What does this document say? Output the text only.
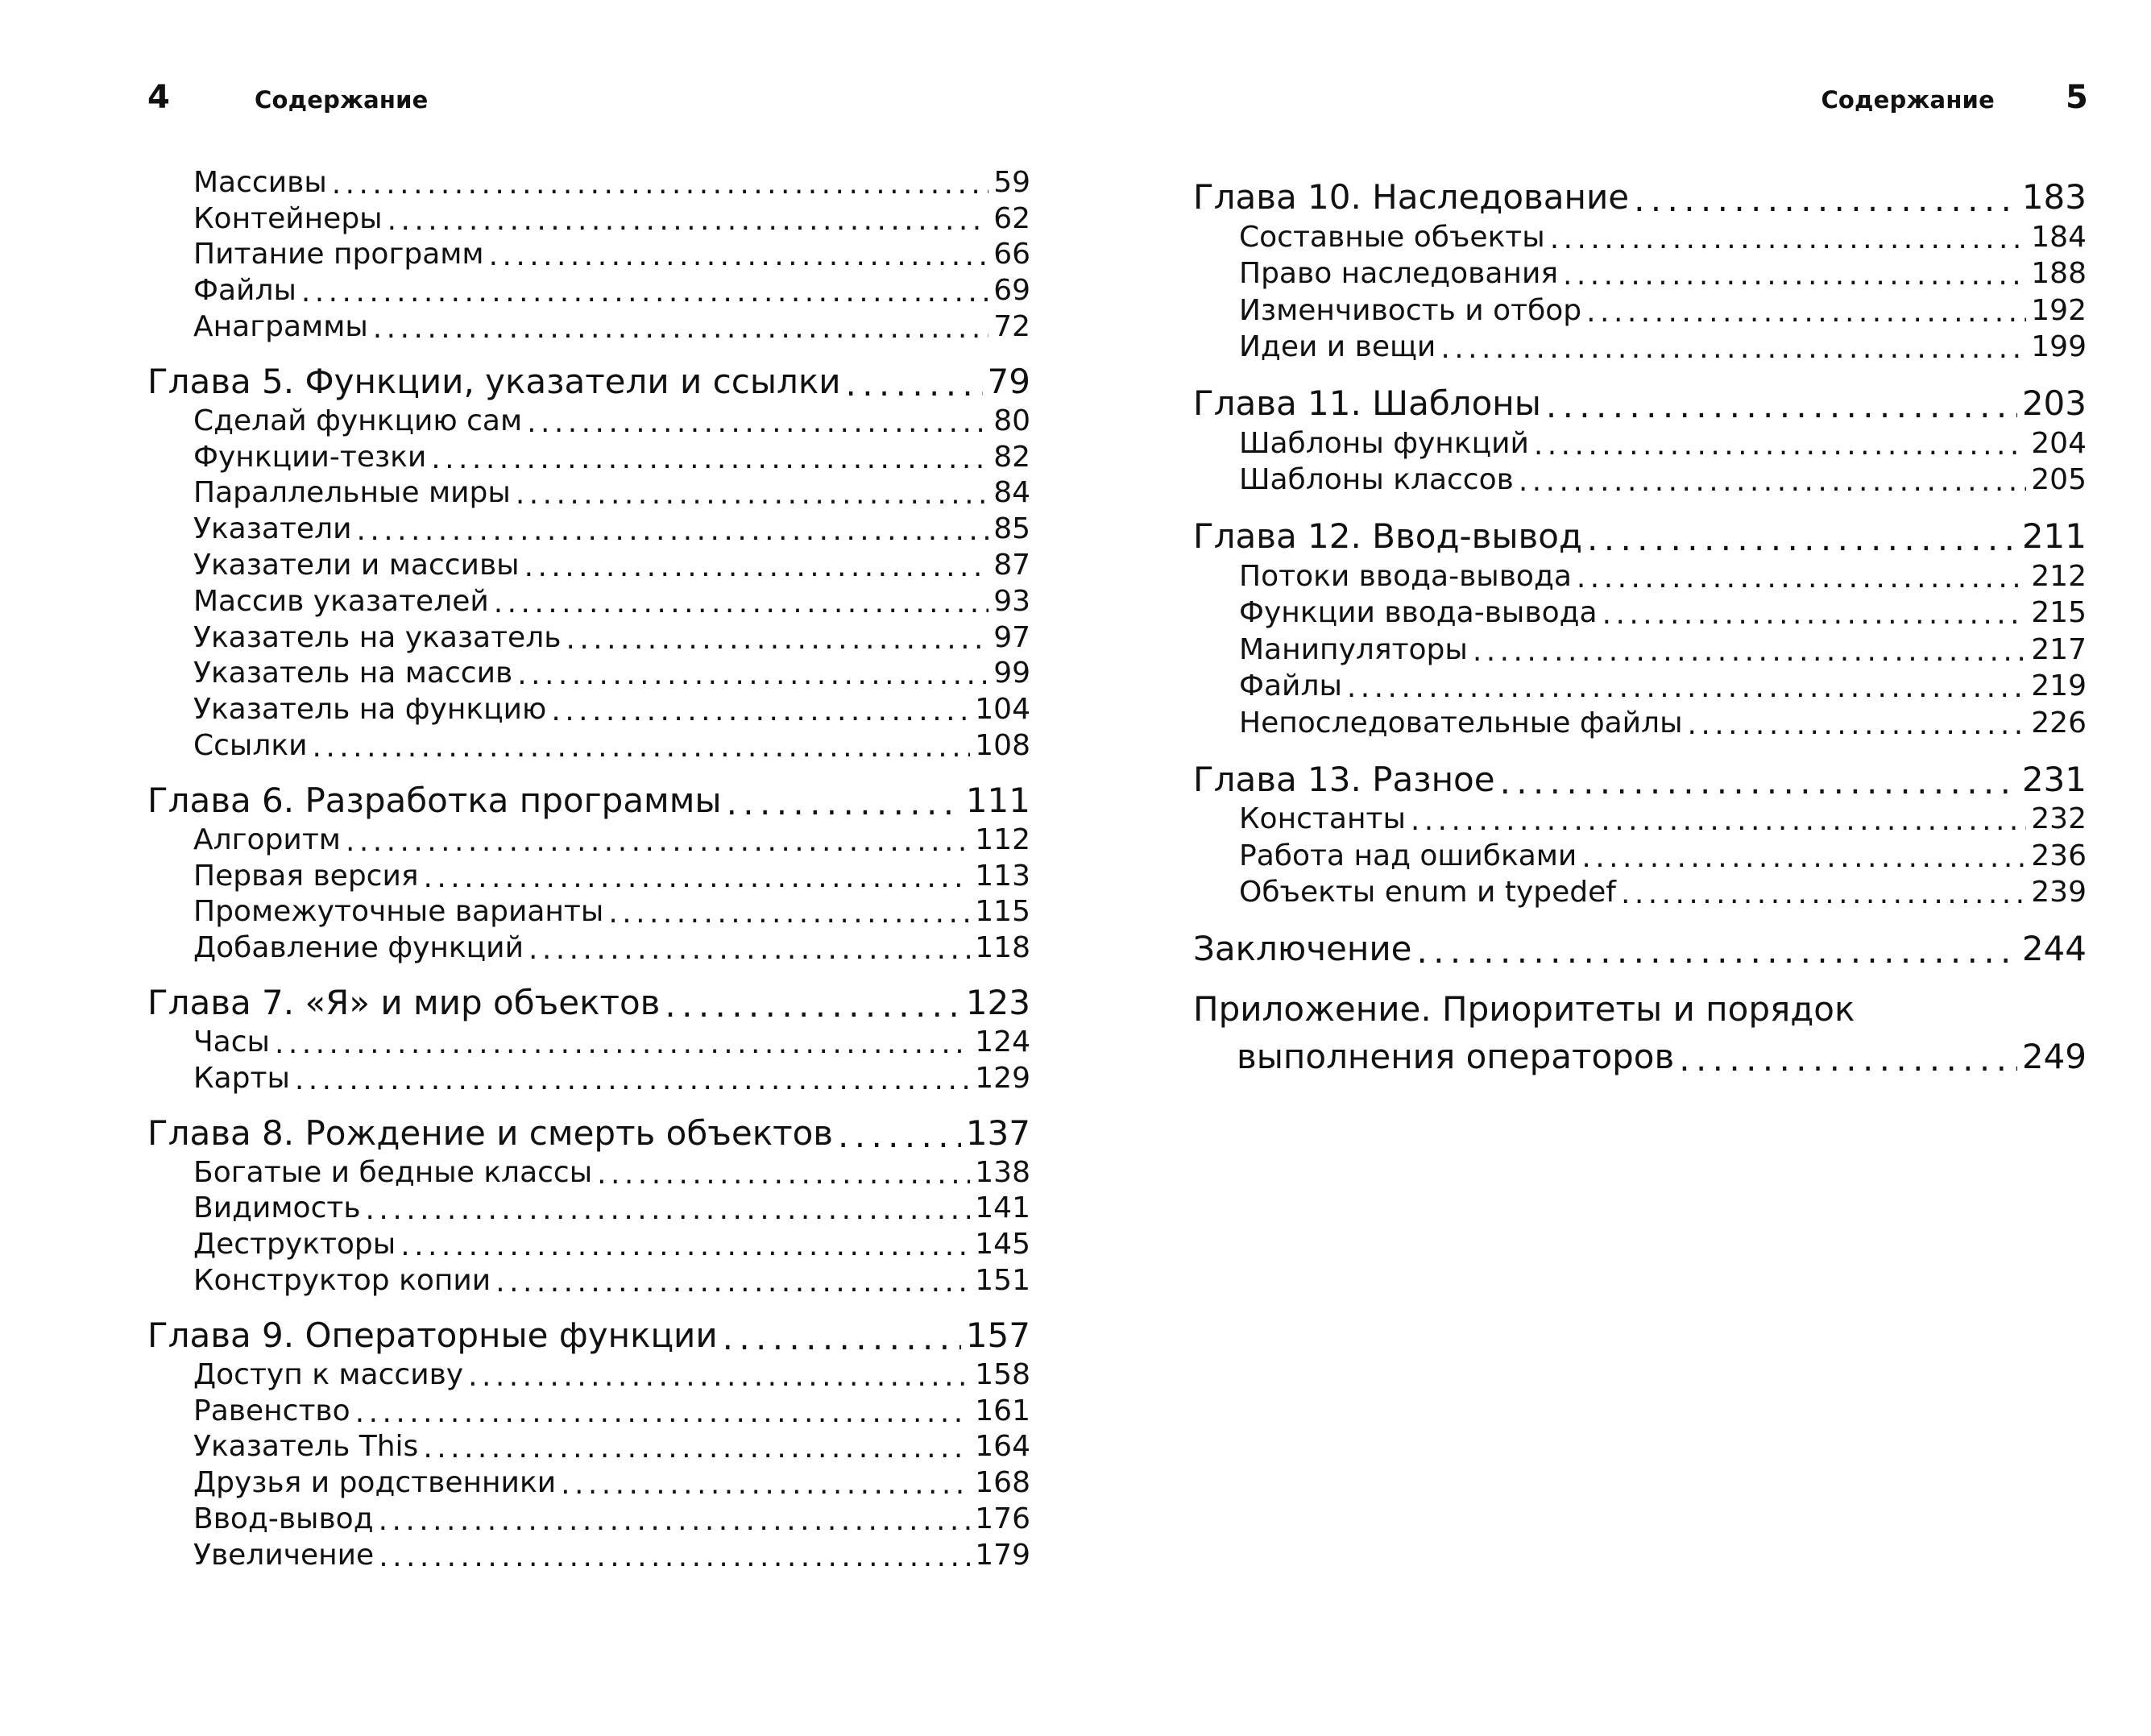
4	Содержание
Массивы . . .	59
Контейнеры . . .	62
Питание программ . . .	66
Файлы . . .	69
Анаграммы . . .	72
Глава 5. Функции, указатели и ссылки . . .	79
Сделай функцию сам . . .	80
Функции-тезки . . .	82
Параллельные миры . . .	84
Указатели . . .	85
Указатели и массивы . . .	87
Массив указателей . . .	93
Указатель на указатель . . .	97
Указатель на массив . . .	99
Указатель на функцию . . .	104
Ссылки . . .	108
Глава 6. Разработка программы . . .	111
Алгоритм . . .	112
Первая версия . . .	113
Промежуточные варианты . . .	115
Добавление функций . . .	118
Глава 7. «Я» и мир объектов . . .	123
Часы . . .	124
Карты . . .	129
Глава 8. Рождение и смерть объектов . . .	137
Богатые и бедные классы . . .	138
Видимость . . .	141
Деструкторы . . .	145
Конструктор копии . . .	151
Глава 9. Операторные функции . . .	157
Доступ к массиву . . .	158
Равенство . . .	161
Указатель This . . .	164
Друзья и родственники . . .	168
Ввод-вывод . . .	176
Увеличение . . .	179
Содержание 5
Глава 10. Наследование . . .	183
Составные объекты . . .	184
Право наследования . . .	188
Изменчивость и отбор . . .	192
Идеи и вещи . . .	199
Глава 11. Шаблоны . . .	203
Шаблоны функций . . .	204
Шаблоны классов . . .	205
Глава 12. Ввод-вывод . . .	211
Потоки ввода-вывода . . .	212
Функции ввода-вывода . . .	215
Манипуляторы . . .	217
Файлы . . .	219
Непоследовательные файлы . . .	226
Глава 13. Разное . . .	231
Константы . . .	232
Работа над ошибками . . .	236
Объекты enum и typedef . . .	239
Заключение . . .	244
Приложение. Приоритеты и порядок
выполнения операторов . . .	249
